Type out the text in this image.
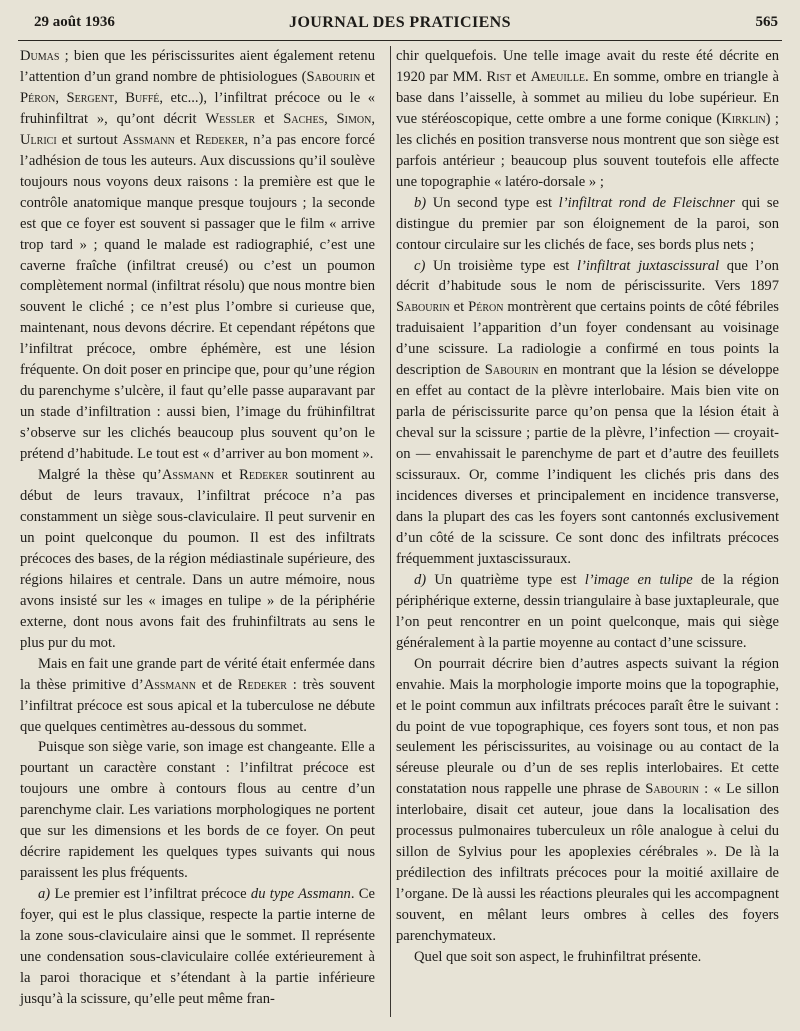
29 août 1936	JOURNAL DES PRATICIENS	565

Dumas ; bien que les périscissurites aient également retenu l’attention d’un grand nombre de phtisiologues (Sabourin et Péron, Sergent, Buffé, etc...), l’infiltrat précoce ou le « fruhinfiltrat », qu’ont décrit Wessler et Saches, Simon, Ulrici et surtout Assmann et Redeker, n’a pas encore forcé l’adhésion de tous les auteurs. Aux discussions qu’il soulève toujours nous voyons deux raisons : la première est que le contrôle anatomique manque presque toujours ; la seconde est que ce foyer est souvent si passager que le film « arrive trop tard » ; quand le malade est radiographié, c’est une caverne fraîche (infiltrat creusé) ou c’est un poumon complètement normal (infiltrat résolu) que nous montre bien souvent le cliché ; ce n’est plus l’ombre si curieuse que, maintenant, nous devons décrire. Et cependant répétons que l’infiltrat précoce, ombre éphémère, est une lésion fréquente. On doit poser en principe que, pour qu’une région du parenchyme s’ulcère, il faut qu’elle passe auparavant par un stade d’infiltration : aussi bien, l’image du frühinfiltrat s’observe sur les clichés beaucoup plus souvent qu’on le prétend d’habitude. Le tout est « d’arriver au bon moment ».

Malgré la thèse qu’Assmann et Redeker soutinrent au début de leurs travaux, l’infiltrat précoce n’a pas constamment un siège sous-claviculaire. Il peut survenir en un point quelconque du poumon. Il est des infiltrats précoces des bases, de la région médiastinale supérieure, des régions hilaires et centrale. Dans un autre mémoire, nous avons insisté sur les « images en tulipe » de la périphérie externe, dont nous avons fait des fruhinfiltrats au sens le plus pur du mot.

Mais en fait une grande part de vérité était enfermée dans la thèse primitive d’Assmann et de Redeker : très souvent l’infiltrat précoce est sous apical et la tuberculose ne débute que quelques centimètres au-dessous du sommet.

Puisque son siège varie, son image est changeante. Elle a pourtant un caractère constant : l’infiltrat précoce est toujours une ombre à contours flous au centre d’un parenchyme clair. Les variations morphologiques ne portent que sur les dimensions et les bords de ce foyer. On peut décrire rapidement les quelques types suivants qui nous paraissent les plus fréquents.

a) Le premier est l’infiltrat précoce du type Assmann. Ce foyer, qui est le plus classique, respecte la partie interne de la zone sous-claviculaire ainsi que le sommet. Il représente une condensation sous-claviculaire collée extérieurement à la paroi thoracique et s’étendant à la partie inférieure jusqu’à la scissure, qu’elle peut même fran-

chir quelquefois. Une telle image avait du reste été décrite en 1920 par MM. Rist et Ameuille. En somme, ombre en triangle à base dans l’aisselle, à sommet au milieu du lobe supérieur. En vue stéréoscopique, cette ombre a une forme conique (Kirklin) ; les clichés en position transverse nous montrent que son siège est parfois antérieur ; beaucoup plus souvent toutefois elle affecte une topographie « latéro-dorsale » ;

b) Un second type est l’infiltrat rond de Fleischner qui se distingue du premier par son éloignement de la paroi, son contour circulaire sur les clichés de face, ses bords plus nets ;

c) Un troisième type est l’infiltrat juxtascissural que l’on décrit d’habitude sous le nom de périscissurite. Vers 1897 Sabourin et Péron montrèrent que certains points de côté fébriles traduisaient l’apparition d’un foyer condensant au voisinage d’une scissure. La radiologie a confirmé en tous points la description de Sabourin en montrant que la lésion se développe en effet au contact de la plèvre interlobaire. Mais bien vite on parla de périscissurite parce qu’on pensa que la lésion était à cheval sur la scissure ; partie de la plèvre, l’infection — croyait-on — envahissait le parenchyme de part et d’autre des feuillets scissuraux. Or, comme l’indiquent les clichés pris dans des incidences diverses et principalement en incidence transverse, dans la plupart des cas les foyers sont cantonnés exclusivement d’un côté de la scissure. Ce sont donc des infiltrats précoces fréquemment juxtascissuraux.

d) Un quatrième type est l’image en tulipe de la région périphérique externe, dessin triangulaire à base juxtapleurale, que l’on peut rencontrer en un point quelconque, mais qui siège généralement à la partie moyenne au contact d’une scissure.

On pourrait décrire bien d’autres aspects suivant la région envahie. Mais la morphologie importe moins que la topographie, et le point commun aux infiltrats précoces paraît être le suivant : du point de vue topographique, ces foyers sont tous, et non pas seulement les périscissurites, au voisinage ou au contact de la séreuse pleurale ou d’un de ses replis interlobaires. Et cette constatation nous rappelle une phrase de Sabourin : « Le sillon interlobaire, disait cet auteur, joue dans la localisation des processus pulmonaires tuberculeux un rôle analogue à celui du sillon de Sylvius pour les apoplexies cérébrales ». De là la prédilection des infiltrats précoces pour la moitié axillaire de l’organe. De là aussi les réactions pleurales qui les accompagnent souvent, en mêlant leurs ombres à celles des foyers parenchymateux.

Quel que soit son aspect, le fruhinfiltrat présente.
